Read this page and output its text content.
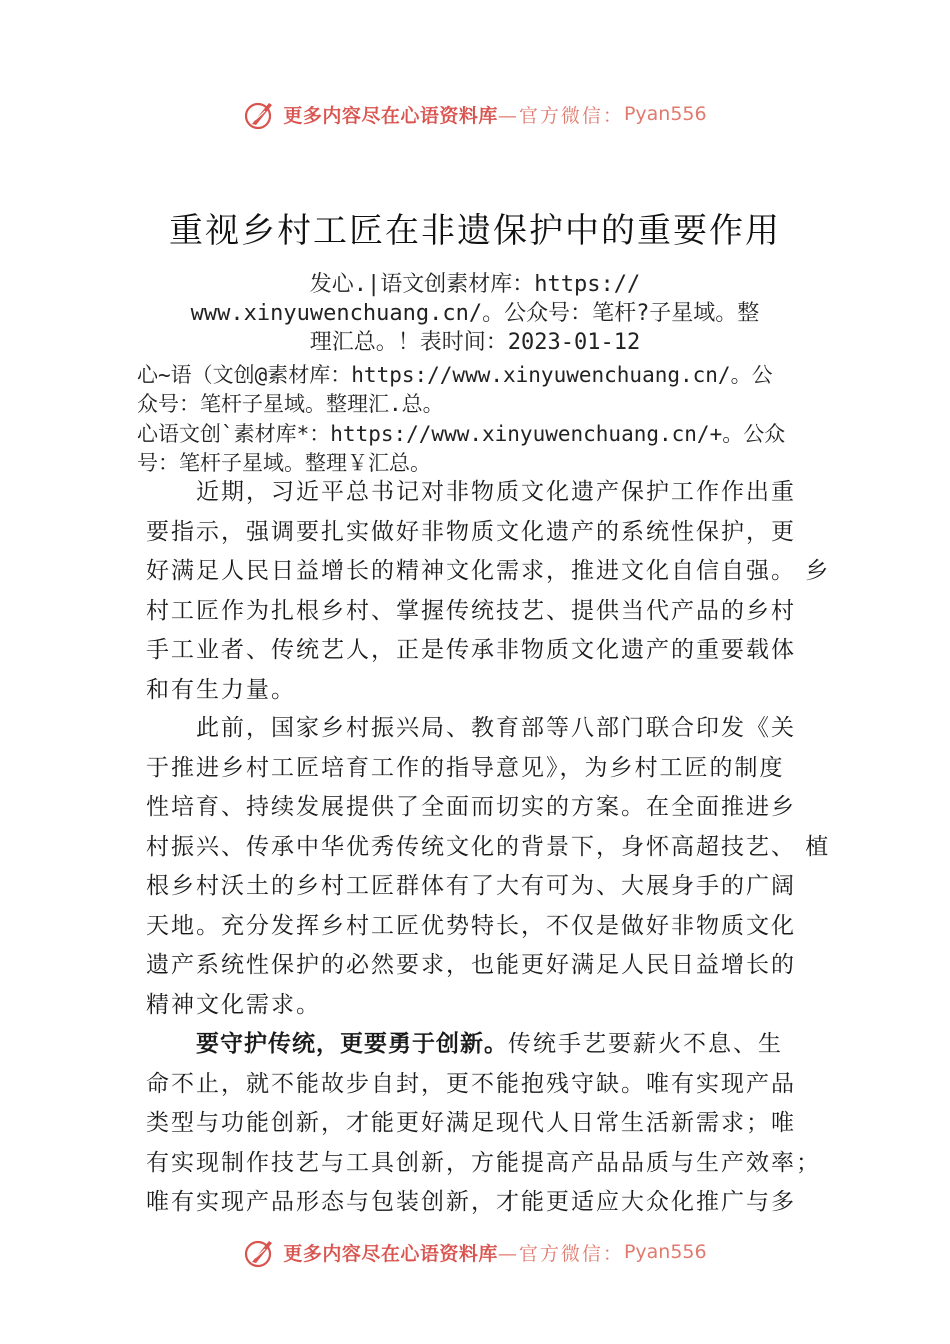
更多内容尽在心语资料库 —官方微信： Pyan556
重视乡村工匠在非遗保护中的重要作用
发心.|语文创素材库：https://
www.xinyuwenchuang.cn/。公众号：笔杆?子星域。整
理汇总。！表时间：2023-01-12
心~语（文创@素材库：https://www.xinyuwenchuang.cn/。公
众号：笔杆子星域。整理汇.总。
心语文创`素材库*：https://www.xinyuwenchuang.cn/+。公众
号：笔杆子星域。整理￥汇总。
　　近期，习近平总书记对非物质文化遗产保护工作作出重
要指示，强调要扎实做好非物质文化遗产的系统性保护，更
好满足人民日益增长的精神文化需求，推进文化自信自强。 乡
村工匠作为扎根乡村、掌握传统技艺、提供当代产品的乡村
手工业者、传统艺人，正是传承非物质文化遗产的重要载体
和有生力量。
　　此前，国家乡村振兴局、教育部等八部门联合印发《关
于推进乡村工匠培育工作的指导意见》，为乡村工匠的制度
性培育、持续发展提供了全面而切实的方案。在全面推进乡
村振兴、传承中华优秀传统文化的背景下，身怀高超技艺、 植
根乡村沃土的乡村工匠群体有了大有可为、大展身手的广阔
天地。充分发挥乡村工匠优势特长，不仅是做好非物质文化
遗产系统性保护的必然要求，也能更好满足人民日益增长的
精神文化需求。
　　要守护传统，更要勇于创新。传统手艺要薪火不息、生
命不止，就不能故步自封，更不能抱残守缺。唯有实现产品
类型与功能创新，才能更好满足现代人日常生活新需求；唯
有实现制作技艺与工具创新，方能提高产品品质与生产效率；
唯有实现产品形态与包装创新，才能更适应大众化推广与多
更多内容尽在心语资料库 —官方微信： Pyan556
